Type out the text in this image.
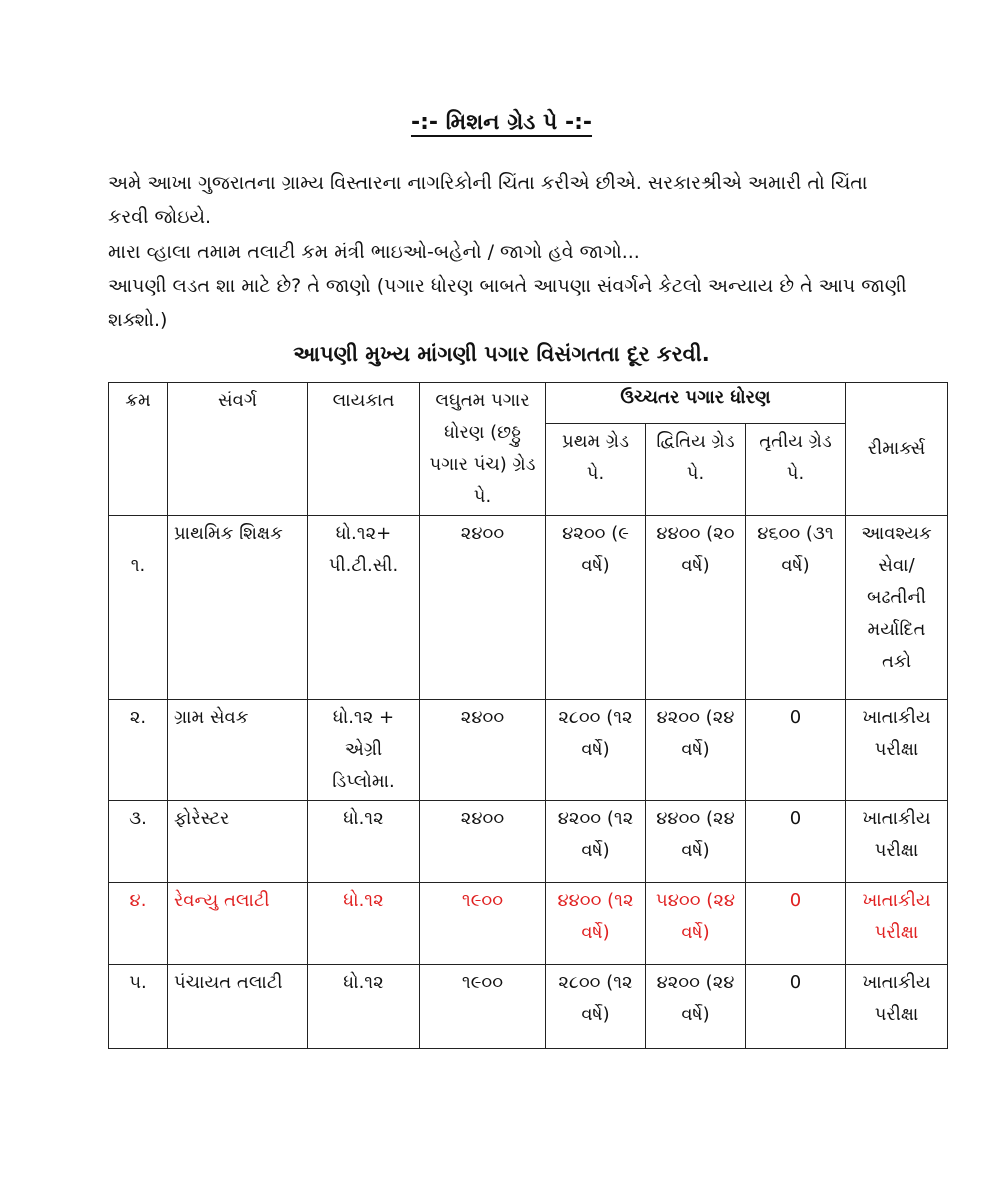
-:- મિશન ગ્રેડ પે -:-
અમે આખા ગુજરાતના ગ્રામ્ય વિસ્તારના નાગરિકોની ચિંતા કરીએ છીએ. સરકારશ્રીએ અમારી તો ચિંતા કરવી જોઇયે.
મારા વ્હાલા તમામ તલાટી કમ મંત્રી ભાઇઓ-બહેનો / જાગો હવે જાગો...
આપણી લડત શા માટે છે? તે જાણો (પગાર ધોરણ બાબતે આપણા સંવર્ગને કેટલો અન્યાય છે તે આપ જાણી શક્શો.)
આપણી મુખ્ય માંગણી પગાર વિસંગતતા દૂર કરવી.
ક્રમ	સંવર્ગ	લાયકાત	લઘુતમ પગાર ધોરણ (છઠ્ઠુ પગાર પંચ) ગ્રેડ પે.	ઉચ્ચતર પગાર ધોરણ			રીમાર્ક્સ
				પ્રથમ ગ્રેડ પે.	દ્વિતિય ગ્રેડ પે.	તૃતીય ગ્રેડ પે.	
૧.	પ્રાથમિક શિક્ષક	ધો.૧૨+ પી.ટી.સી.	૨૪૦૦	૪૨૦૦ (૯ વર્ષે)	૪૪૦૦ (૨૦ વર્ષે)	૪૬૦૦ (૩૧ વર્ષે)	આવશ્યક સેવા/ બઢતીની મર્યાદિત તકો
૨.	ગ્રામ સેવક	ધો.૧૨ + એગ્રી ડિપ્લોમા.	૨૪૦૦	૨૮૦૦ (૧૨ વર્ષે)	૪૨૦૦ (૨૪ વર્ષે)	0	ખાતાકીય પરીક્ષા
૩.	ફોરેસ્ટર	ધો.૧૨	૨૪૦૦	૪૨૦૦ (૧૨ વર્ષે)	૪૪૦૦ (૨૪ વર્ષે)	0	ખાતાકીય પરીક્ષા
૪.	રેવન્યુ તલાટી	ધો.૧૨	૧૯૦૦	૪૪૦૦ (૧૨ વર્ષે)	૫૪૦૦ (૨૪ વર્ષે)	0	ખાતાકીય પરીક્ષા
૫.	પંચાયત તલાટી	ધો.૧૨	૧૯૦૦	૨૮૦૦ (૧૨ વર્ષે)	૪૨૦૦ (૨૪ વર્ષે)	0	ખાતાકીય પરીક્ષા
